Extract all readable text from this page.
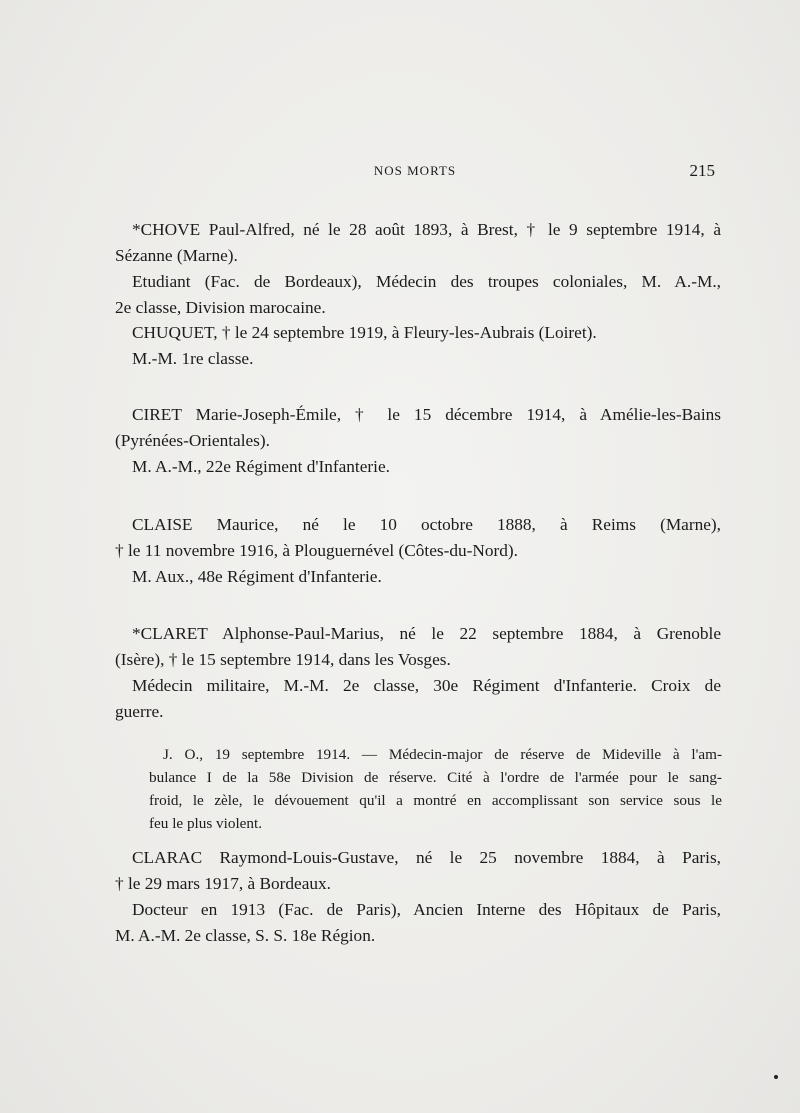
NOS MORTS	215
*CHOVE Paul-Alfred, né le 28 août 1893, à Brest, † le 9 septembre 1914, à
Sézanne (Marne).
Etudiant (Fac. de Bordeaux), Médecin des troupes coloniales, M. A.-M.,
2e classe, Division marocaine.
CHUQUET, † le 24 septembre 1919, à Fleury-les-Aubrais (Loiret).
M.-M. 1re classe.
CIRET Marie-Joseph-Émile, † le 15 décembre 1914, à Amélie-les-Bains
(Pyrénées-Orientales).
M. A.-M., 22e Régiment d'Infanterie.
CLAISE Maurice, né le 10 octobre 1888, à Reims (Marne),
† le 11 novembre 1916, à Plouguernével (Côtes-du-Nord).
M. Aux., 48e Régiment d'Infanterie.
*CLARET Alphonse-Paul-Marius, né le 22 septembre 1884, à Grenoble
(Isère), † le 15 septembre 1914, dans les Vosges.
Médecin militaire, M.-M. 2e classe, 30e Régiment d'Infanterie. Croix de
guerre.
J. O., 19 septembre 1914. — Médecin-major de réserve de Mideville à l'am-
bulance I de la 58e Division de réserve. Cité à l'ordre de l'armée pour le sang-
froid, le zèle, le dévouement qu'il a montré en accomplissant son service sous le
feu le plus violent.
CLARAC Raymond-Louis-Gustave, né le 25 novembre 1884, à Paris,
† le 29 mars 1917, à Bordeaux.
Docteur en 1913 (Fac. de Paris), Ancien Interne des Hôpitaux de Paris,
M. A.-M. 2e classe, S. S. 18e Région.
